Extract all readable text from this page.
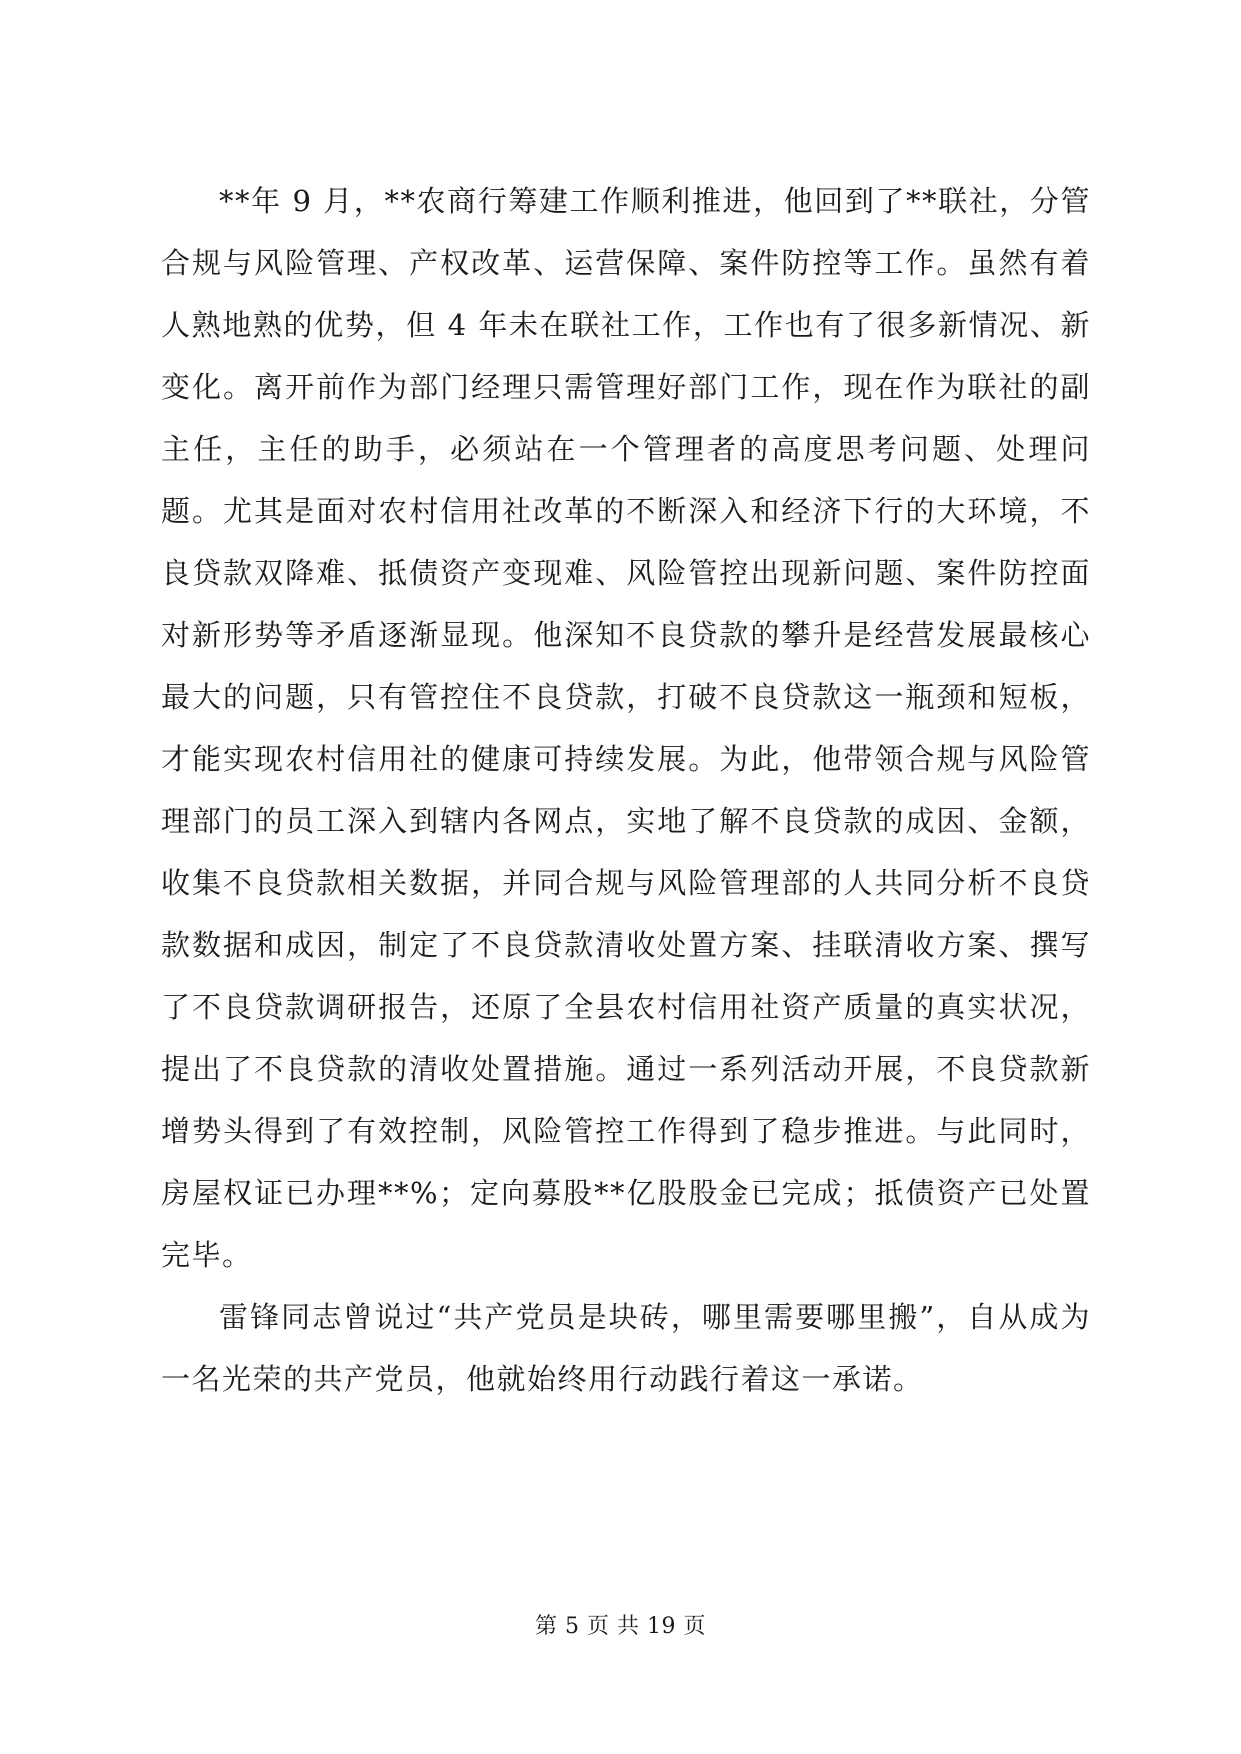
**年 9 月，**农商行筹建工作顺利推进，他回到了**联社，分管合规与风险管理、产权改革、运营保障、案件防控等工作。虽然有着人熟地熟的优势，但 4 年未在联社工作，工作也有了很多新情况、新变化。离开前作为部门经理只需管理好部门工作，现在作为联社的副主任，主任的助手，必须站在一个管理者的高度思考问题、处理问题。尤其是面对农村信用社改革的不断深入和经济下行的大环境，不良贷款双降难、抵债资产变现难、风险管控出现新问题、案件防控面对新形势等矛盾逐渐显现。他深知不良贷款的攀升是经营发展最核心最大的问题，只有管控住不良贷款，打破不良贷款这一瓶颈和短板，才能实现农村信用社的健康可持续发展。为此，他带领合规与风险管理部门的员工深入到辖内各网点，实地了解不良贷款的成因、金额，收集不良贷款相关数据，并同合规与风险管理部的人共同分析不良贷款数据和成因，制定了不良贷款清收处置方案、挂联清收方案、撰写了不良贷款调研报告，还原了全县农村信用社资产质量的真实状况，提出了不良贷款的清收处置措施。通过一系列活动开展，不良贷款新增势头得到了有效控制，风险管控工作得到了稳步推进。与此同时，房屋权证已办理**%；定向募股**亿股股金已完成；抵债资产已处置完毕。

雷锋同志曾说过“共产党员是块砖，哪里需要哪里搬”，自从成为一名光荣的共产党员，他就始终用行动践行着这一承诺。

第 5 页 共 19 页
